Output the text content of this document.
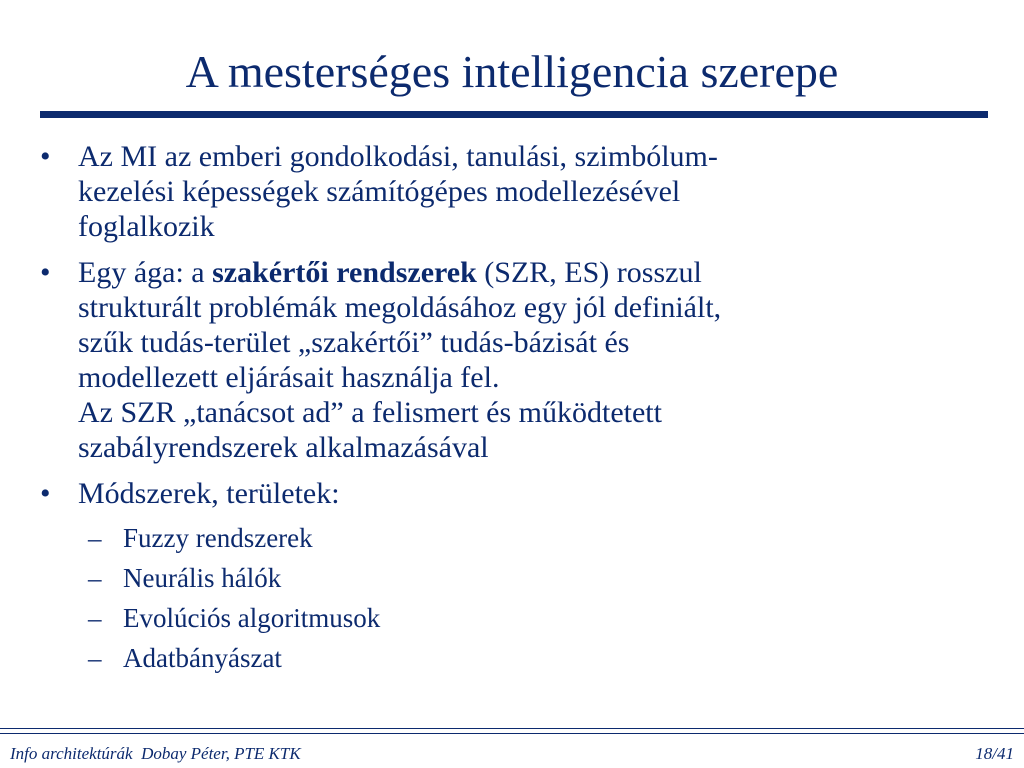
A mesterséges intelligencia szerepe
• Az MI az emberi gondolkodási, tanulási, szimbólum-
kezelési képességek számítógépes modellezésével
foglalkozik
• Egy ága: a szakértői rendszerek (SZR, ES) rosszul
strukturált problémák megoldásához egy jól definiált,
szűk tudás-terület „szakértői” tudás-bázisát és
modellezett eljárásait használja fel.
Az SZR „tanácsot ad” a felismert és működtetett
szabályrendszerek alkalmazásával
• Módszerek, területek:
– Fuzzy rendszerek
– Neurális hálók
– Evolúciós algoritmusok
– Adatbányászat
Info architektúrák  Dobay Péter, PTE KTK	18/41
